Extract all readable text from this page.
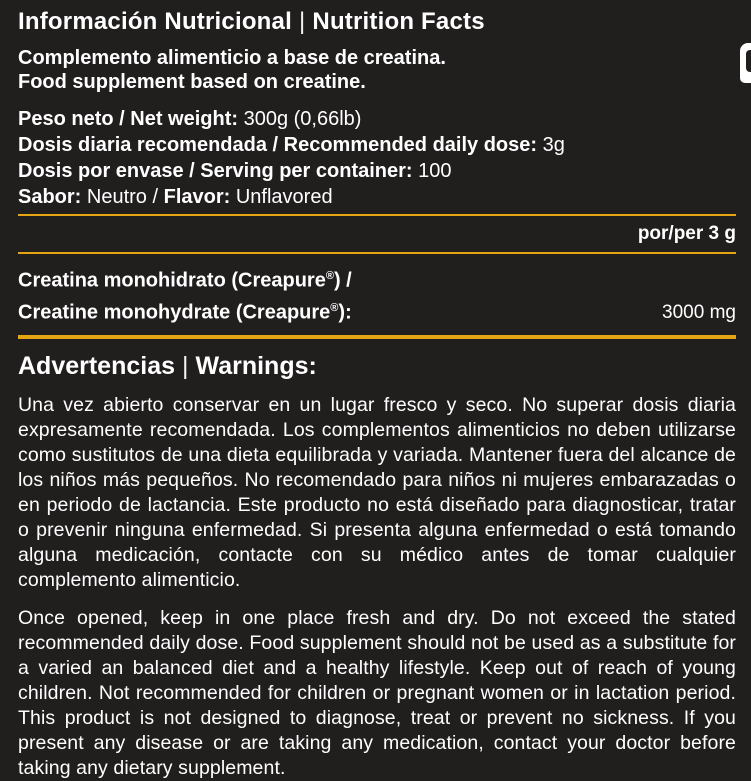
Información Nutricional | Nutrition Facts
Complemento alimenticio a base de creatina.
Food supplement based on creatine.
Peso neto / Net weight: 300g (0,66lb)
Dosis diaria recomendada / Recommended daily dose: 3g
Dosis por envase / Serving per container: 100
Sabor: Neutro / Flavor: Unflavored
por/per 3 g
Creatina monohidrato (Creapure®) /
Creatine monohydrate (Creapure®):	3000 mg
Advertencias | Warnings:

Una vez abierto conservar en un lugar fresco y seco. No superar dosis diaria expresamente recomendada. Los complementos alimenticios no deben utilizarse como sustitutos de una dieta equilibrada y variada. Mantener fuera del alcance de los niños más pequeños. No recomendado para niños ni mujeres embarazadas o en periodo de lactancia. Este producto no está diseñado para diagnosticar, tratar o prevenir ninguna enfermedad. Si presenta alguna enfermedad o está tomando alguna medicación, contacte con su médico antes de tomar cualquier complemento alimenticio.

Once opened, keep in one place fresh and dry. Do not exceed the stated recommended daily dose. Food supplement should not be used as a substitute for a varied an balanced diet and a healthy lifestyle. Keep out of reach of young children. Not recommended for children or pregnant women or in lactation period. This product is not designed to diagnose, treat or prevent no sickness. If you present any disease or are taking any medication, contact your doctor before taking any dietary supplement.
